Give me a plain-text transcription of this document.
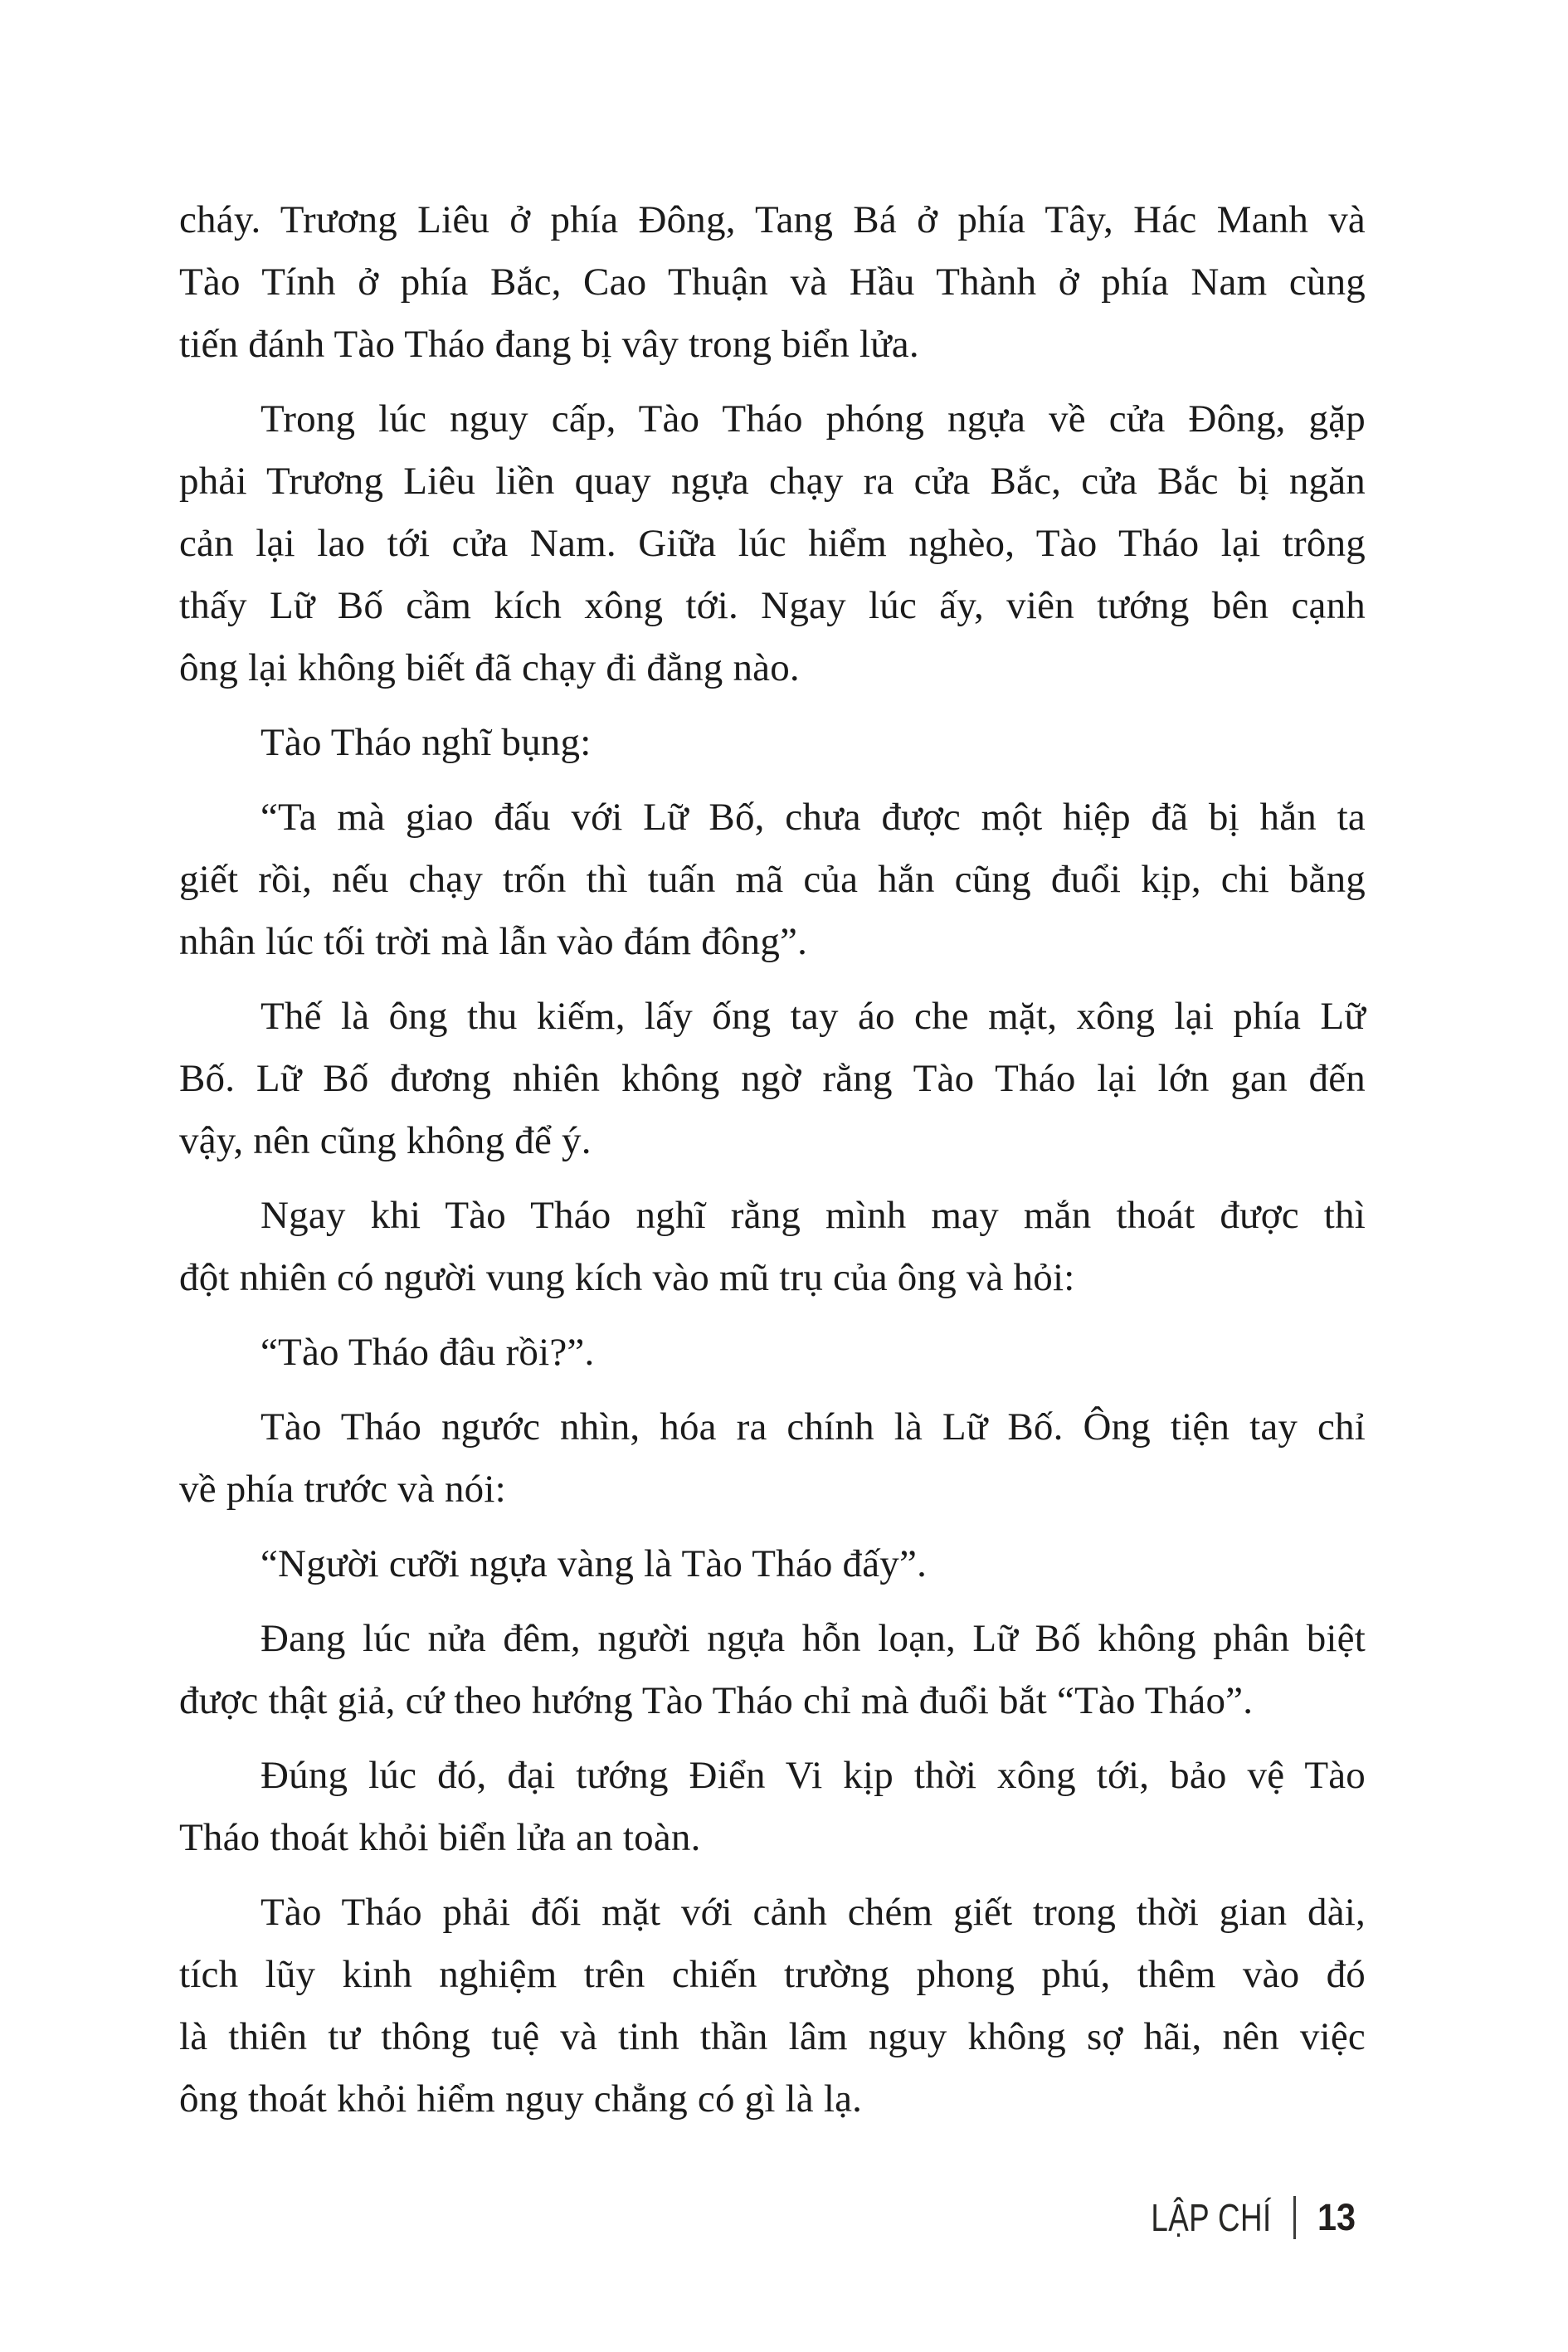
cháy. Trương Liêu ở phía Đông, Tang Bá ở phía Tây, Hác Manh và
Tào Tính ở phía Bắc, Cao Thuận và Hầu Thành ở phía Nam cùng
tiến đánh Tào Tháo đang bị vây trong biển lửa.
Trong lúc nguy cấp, Tào Tháo phóng ngựa về cửa Đông, gặp
phải Trương Liêu liền quay ngựa chạy ra cửa Bắc, cửa Bắc bị ngăn
cản lại lao tới cửa Nam. Giữa lúc hiểm nghèo, Tào Tháo lại trông
thấy Lữ Bố cầm kích xông tới. Ngay lúc ấy, viên tướng bên cạnh
ông lại không biết đã chạy đi đằng nào.
Tào Tháo nghĩ bụng:
“Ta mà giao đấu với Lữ Bố, chưa được một hiệp đã bị hắn ta
giết rồi, nếu chạy trốn thì tuấn mã của hắn cũng đuổi kịp, chi bằng
nhân lúc tối trời mà lẫn vào đám đông”.
Thế là ông thu kiếm, lấy ống tay áo che mặt, xông lại phía Lữ
Bố. Lữ Bố đương nhiên không ngờ rằng Tào Tháo lại lớn gan đến
vậy, nên cũng không để ý.
Ngay khi Tào Tháo nghĩ rằng mình may mắn thoát được thì
đột nhiên có người vung kích vào mũ trụ của ông và hỏi:
“Tào Tháo đâu rồi?”.
Tào Tháo ngước nhìn, hóa ra chính là Lữ Bố. Ông tiện tay chỉ
về phía trước và nói:
“Người cưỡi ngựa vàng là Tào Tháo đấy”.
Đang lúc nửa đêm, người ngựa hỗn loạn, Lữ Bố không phân biệt
được thật giả, cứ theo hướng Tào Tháo chỉ mà đuổi bắt “Tào Tháo”.
Đúng lúc đó, đại tướng Điển Vi kịp thời xông tới, bảo vệ Tào
Tháo thoát khỏi biển lửa an toàn.
Tào Tháo phải đối mặt với cảnh chém giết trong thời gian dài,
tích lũy kinh nghiệm trên chiến trường phong phú, thêm vào đó
là thiên tư thông tuệ và tinh thần lâm nguy không sợ hãi, nên việc
ông thoát khỏi hiểm nguy chẳng có gì là lạ.
LẬP CHÍ 13
